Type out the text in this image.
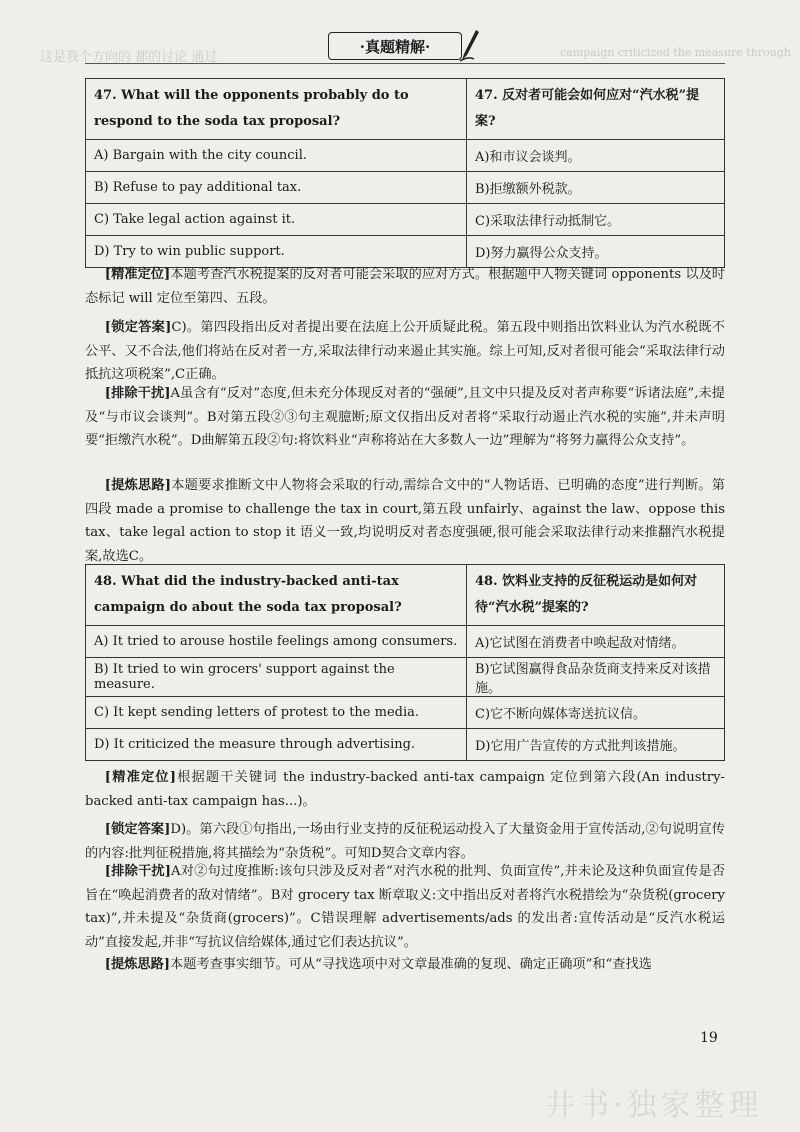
这是我个方向的 都的讨论 通过	campaign criticized the measure through
井书·独家整理
·真题精解·
47. What will the opponents probably do to respond to the soda tax proposal?	47. 反对者可能会如何应对“汽水税”提案?
A) Bargain with the city council.	A)和市议会谈判。
B) Refuse to pay additional tax.	B)拒缴额外税款。
C) Take legal action against it.	C)采取法律行动抵制它。
D) Try to win public support.	D)努力赢得公众支持。

[精准定位]本题考查汽水税提案的反对者可能会采取的应对方式。根据题中人物关键词 opponents 以及时态标记 will 定位至第四、五段。

[锁定答案]C)。第四段指出反对者提出要在法庭上公开质疑此税。第五段中则指出饮料业认为汽水税既不公平、又不合法,他们将站在反对者一方,采取法律行动来遏止其实施。综上可知,反对者很可能会“采取法律行动抵抗这项税案”,C正确。

[排除干扰]A虽含有“反对”态度,但未充分体现反对者的“强硬”,且文中只提及反对者声称要“诉诸法庭”,未提及“与市议会谈判”。B对第五段②③句主观臆断;原文仅指出反对者将“采取行动遏止汽水税的实施”,并未声明要“拒缴汽水税”。D曲解第五段②句:将饮料业“声称将站在大多数人一边”理解为“将努力赢得公众支持”。

[提炼思路]本题要求推断文中人物将会采取的行动,需综合文中的“人物话语、已明确的态度”进行判断。第四段 made a promise to challenge the tax in court,第五段 unfairly、against the law、oppose this tax、take legal action to stop it 语义一致,均说明反对者态度强硬,很可能会采取法律行动来推翻汽水税提案,故选C。

48. What did the industry-backed anti-tax campaign do about the soda tax proposal?	48. 饮料业支持的反征税运动是如何对待“汽水税”提案的?
A) It tried to arouse hostile feelings among consumers.	A)它试图在消费者中唤起敌对情绪。
B) It tried to win grocers' support against the measure.	B)它试图赢得食品杂货商支持来反对该措施。
C) It kept sending letters of protest to the media.	C)它不断向媒体寄送抗议信。
D) It criticized the measure through advertising.	D)它用广告宣传的方式批判该措施。

[精准定位]根据题干关键词 the industry-backed anti-tax campaign 定位到第六段(An industry-backed anti-tax campaign has...)。

[锁定答案]D)。第六段①句指出,一场由行业支持的反征税运动投入了大量资金用于宣传活动,②句说明宣传的内容:批判征税措施,将其描绘为“杂货税”。可知D契合文章内容。

[排除干扰]A对②句过度推断:该句只涉及反对者“对汽水税的批判、负面宣传”,并未论及这种负面宣传是否旨在“唤起消费者的敌对情绪”。B对 grocery tax 断章取义:文中指出反对者将汽水税措绘为“杂货税(grocery tax)”,并未提及“杂货商(grocers)”。C错误理解 advertisements/ads 的发出者:宣传活动是“反汽水税运动”直接发起,并非“写抗议信给媒体,通过它们表达抗议”。

[提炼思路]本题考查事实细节。可从“寻找选项中对文章最准确的复现、确定正确项”和“查找选

19
